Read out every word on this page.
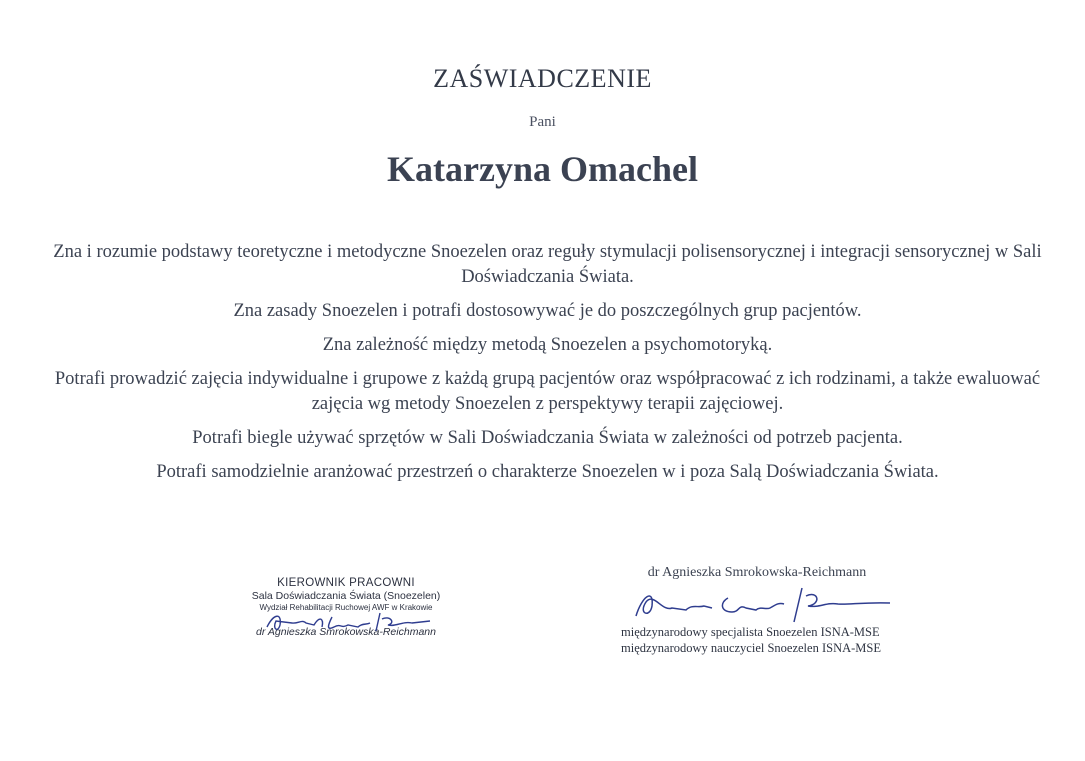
ZAŚWIADCZENIE
Pani
Katarzyna Omachel

Zna i rozumie podstawy teoretyczne i metodyczne Snoezelen oraz reguły stymulacji polisensorycznej i integracji sensorycznej w Sali Doświadczania Świata.

Zna zasady Snoezelen i potrafi dostosowywać je do poszczególnych grup pacjentów.

Zna zależność między metodą Snoezelen a psychomotoryką.

Potrafi prowadzić zajęcia indywidualne i grupowe z każdą grupą pacjentów oraz współpracować z ich rodzinami, a także ewaluować zajęcia wg metody Snoezelen z perspektywy terapii zajęciowej.

Potrafi biegle używać sprzętów w Sali Doświadczania Świata w zależności od potrzeb pacjenta.

Potrafi samodzielnie aranżować przestrzeń o charakterze Snoezelen w i poza Salą Doświadczania Świata.

KIEROWNIK PRACOWNI
Sala Doświadczania Świata (Snoezelen)
Wydział Rehabilitacji Ruchowej AWF w Krakowie
dr Agnieszka Smrokowska-Reichmann
dr Agnieszka Smrokowska-Reichmann
międzynarodowy specjalista Snoezelen ISNA-MSE
międzynarodowy nauczyciel Snoezelen ISNA-MSE
